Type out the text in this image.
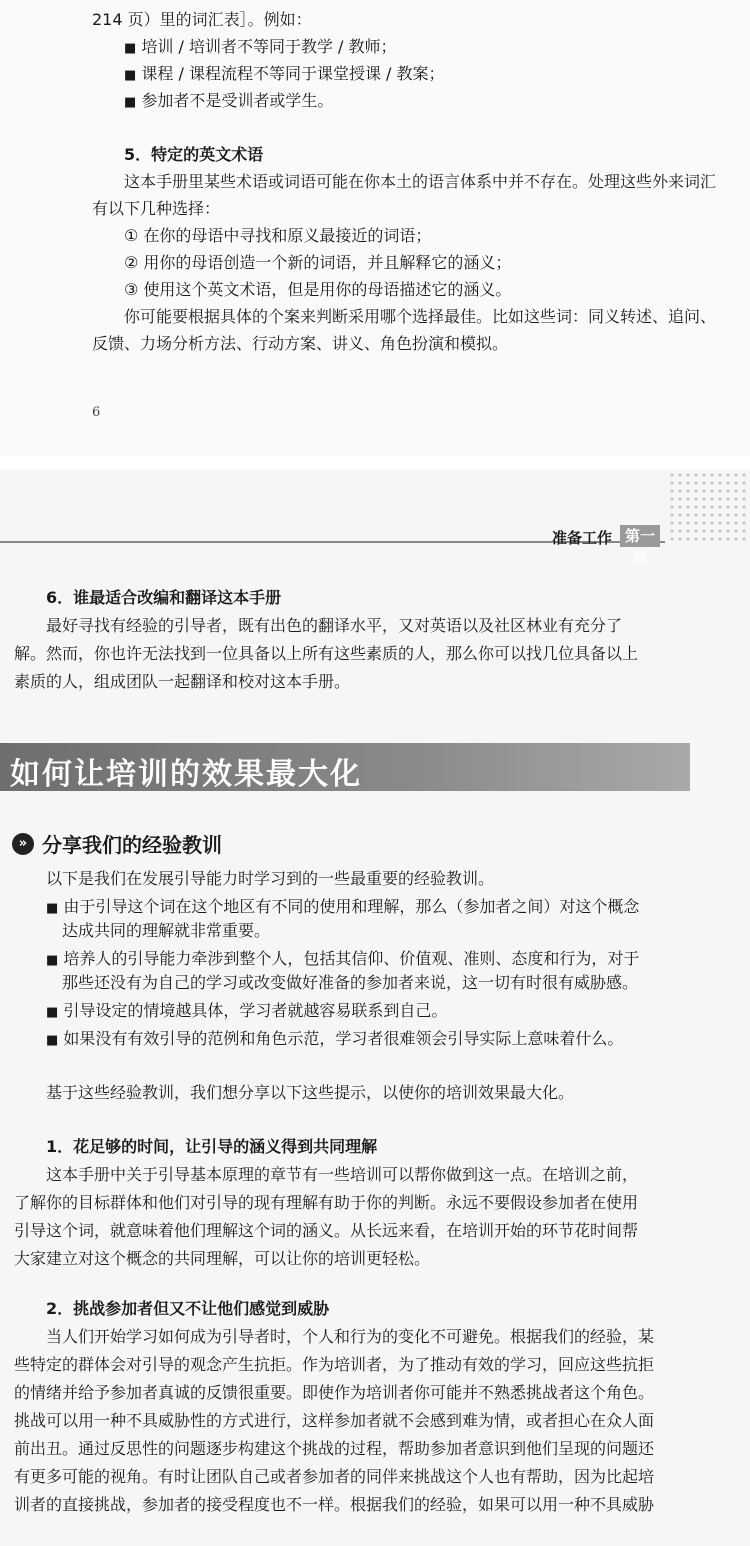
214 页）里的词汇表］。例如：
■ 培训 / 培训者不等同于教学 / 教师；
■ 课程 / 课程流程不等同于课堂授课 / 教案；
■ 参加者不是受训者或学生。
5．特定的英文术语
这本手册里某些术语或词语可能在你本土的语言体系中并不存在。处理这些外来词汇
有以下几种选择：
① 在你的母语中寻找和原义最接近的词语；
② 用你的母语创造一个新的词语，并且解释它的涵义；
③ 使用这个英文术语，但是用你的母语描述它的涵义。
你可能要根据具体的个案来判断采用哪个选择最佳。比如这些词：同义转述、追问、
反馈、力场分析方法、行动方案、讲义、角色扮演和模拟。
6
准备工作 第一章
6．谁最适合改编和翻译这本手册
最好寻找有经验的引导者，既有出色的翻译水平，又对英语以及社区林业有充分了
解。然而，你也许无法找到一位具备以上所有这些素质的人，那么你可以找几位具备以上
素质的人，组成团队一起翻译和校对这本手册。
如何让培训的效果最大化
» 分享我们的经验教训
以下是我们在发展引导能力时学习到的一些最重要的经验教训。
■ 由于引导这个词在这个地区有不同的使用和理解，那么（参加者之间）对这个概念
达成共同的理解就非常重要。
■ 培养人的引导能力牵涉到整个人，包括其信仰、价值观、准则、态度和行为，对于
那些还没有为自己的学习或改变做好准备的参加者来说，这一切有时很有威胁感。
■ 引导设定的情境越具体，学习者就越容易联系到自己。
■ 如果没有有效引导的范例和角色示范，学习者很难领会引导实际上意味着什么。
基于这些经验教训，我们想分享以下这些提示，以使你的培训效果最大化。
1．花足够的时间，让引导的涵义得到共同理解
这本手册中关于引导基本原理的章节有一些培训可以帮你做到这一点。在培训之前，
了解你的目标群体和他们对引导的现有理解有助于你的判断。永远不要假设参加者在使用
引导这个词，就意味着他们理解这个词的涵义。从长远来看，在培训开始的环节花时间帮
大家建立对这个概念的共同理解，可以让你的培训更轻松。
2．挑战参加者但又不让他们感觉到威胁
当人们开始学习如何成为引导者时，个人和行为的变化不可避免。根据我们的经验，某
些特定的群体会对引导的观念产生抗拒。作为培训者，为了推动有效的学习，回应这些抗拒
的情绪并给予参加者真诚的反馈很重要。即使作为培训者你可能并不熟悉挑战者这个角色。
挑战可以用一种不具威胁性的方式进行，这样参加者就不会感到难为情，或者担心在众人面
前出丑。通过反思性的问题逐步构建这个挑战的过程，帮助参加者意识到他们呈现的问题还
有更多可能的视角。有时让团队自己或者参加者的同伴来挑战这个人也有帮助，因为比起培
训者的直接挑战，参加者的接受程度也不一样。根据我们的经验，如果可以用一种不具威胁
